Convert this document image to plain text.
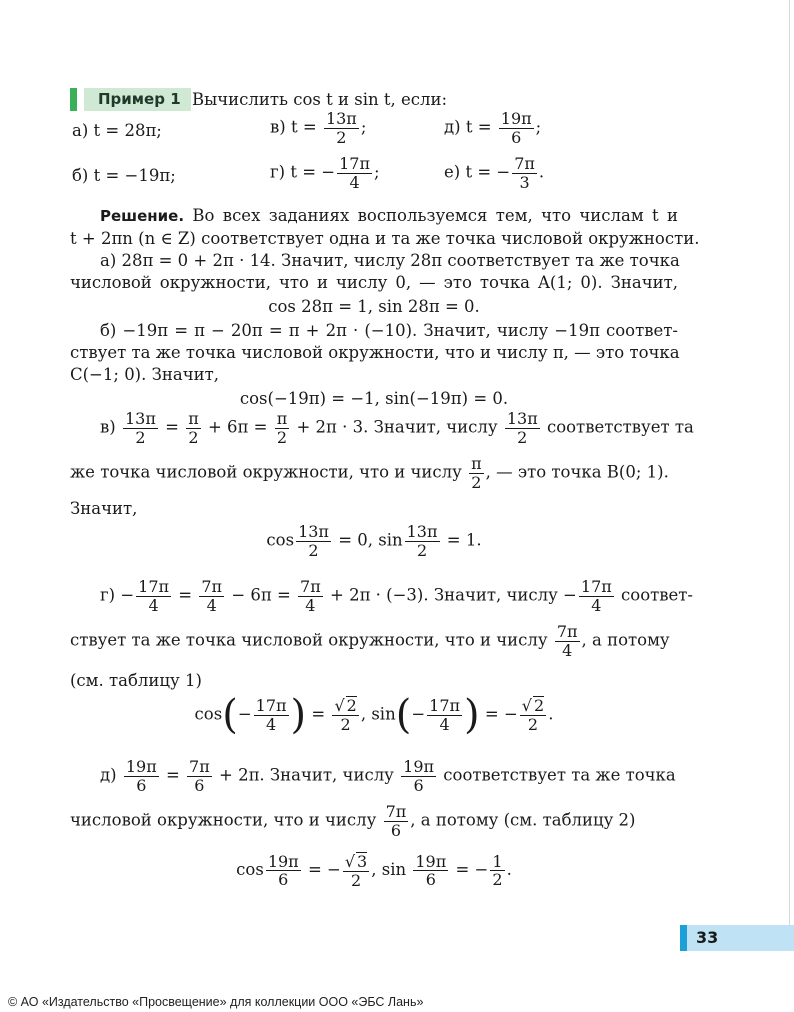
Пример 1 Вычислить cos t и sin t, если:
а) t = 28π;	в) $t = \frac{13\pi}{2}$ ;	д) $t = \frac{19\pi}{6}$ ;
б) t = −19π;	г) t = − $\frac{17\pi}{4}$ ;	е) t = − $\frac{7\pi}{3}$ .
Решение. Во всех заданиях воспользуемся тем, что числам t и
t + 2πn (n ∈ Z) соответствует одна и та же точка числовой окружности.
а) 28π = 0 + 2π · 14. Значит, числу 28π соответствует та же точка
числовой окружности, что и числу 0, — это точка A(1; 0). Значит,
cos 28π = 1, sin 28π = 0.
б) −19π = π − 20π = π + 2π · (−10). Значит, числу −19π соответ-
ствует та же точка числовой окружности, что и числу π, — это точка
C(−1; 0). Значит,
cos(−19π) = −1, sin(−19π) = 0.
$в) \frac{13\pi}{2} = \frac{\pi}{2} + 6\pi = \frac{\pi}{2} + 2\pi \cdot 3$. Значит, числу $\frac{13\pi}{2}$ соответствует та
же точка числовой окружности, что и числу $\frac{\pi}{2}$ , — это точка B(0; 1).
Значит,
$\cos \frac{13\pi}{2} = 0$, $\sin \frac{13\pi}{2} = 1$.
$г) - \frac{17\pi}{4} = \frac{7\pi}{4} - 6\pi = \frac{7\pi}{4} + 2\pi \cdot (-3)$. Значит, числу − $\frac{17\pi}{4}$ соответ-
ствует та же точка числовой окружности, что и числу $\frac{7\pi}{4}$ , а потому
(см. таблицу 1)
$\cos(- \frac{17\pi}{4}$ ) = $\frac{√ 2}{2}$ , $\sin(- \frac{17\pi}{4}$ ) = − $\frac{√ 2}{2}$ .
$д) \frac{19\pi}{6} = \frac{7\pi}{6} + 2\pi$. Значит, числу $\frac{19\pi}{6}$ соответствует та же точка
числовой окружности, что и числу $\frac{7\pi}{6}$ , а потому (см. таблицу 2)
$\cos \frac{19\pi}{6}$ = − $\frac{√ 3}{2}$ , $\sin \frac{19\pi}{6}$ = − $\frac{1}{2}$ .
33
© АО «Издательство «Просвещение» для коллекции ООО «ЭБС Лань»
